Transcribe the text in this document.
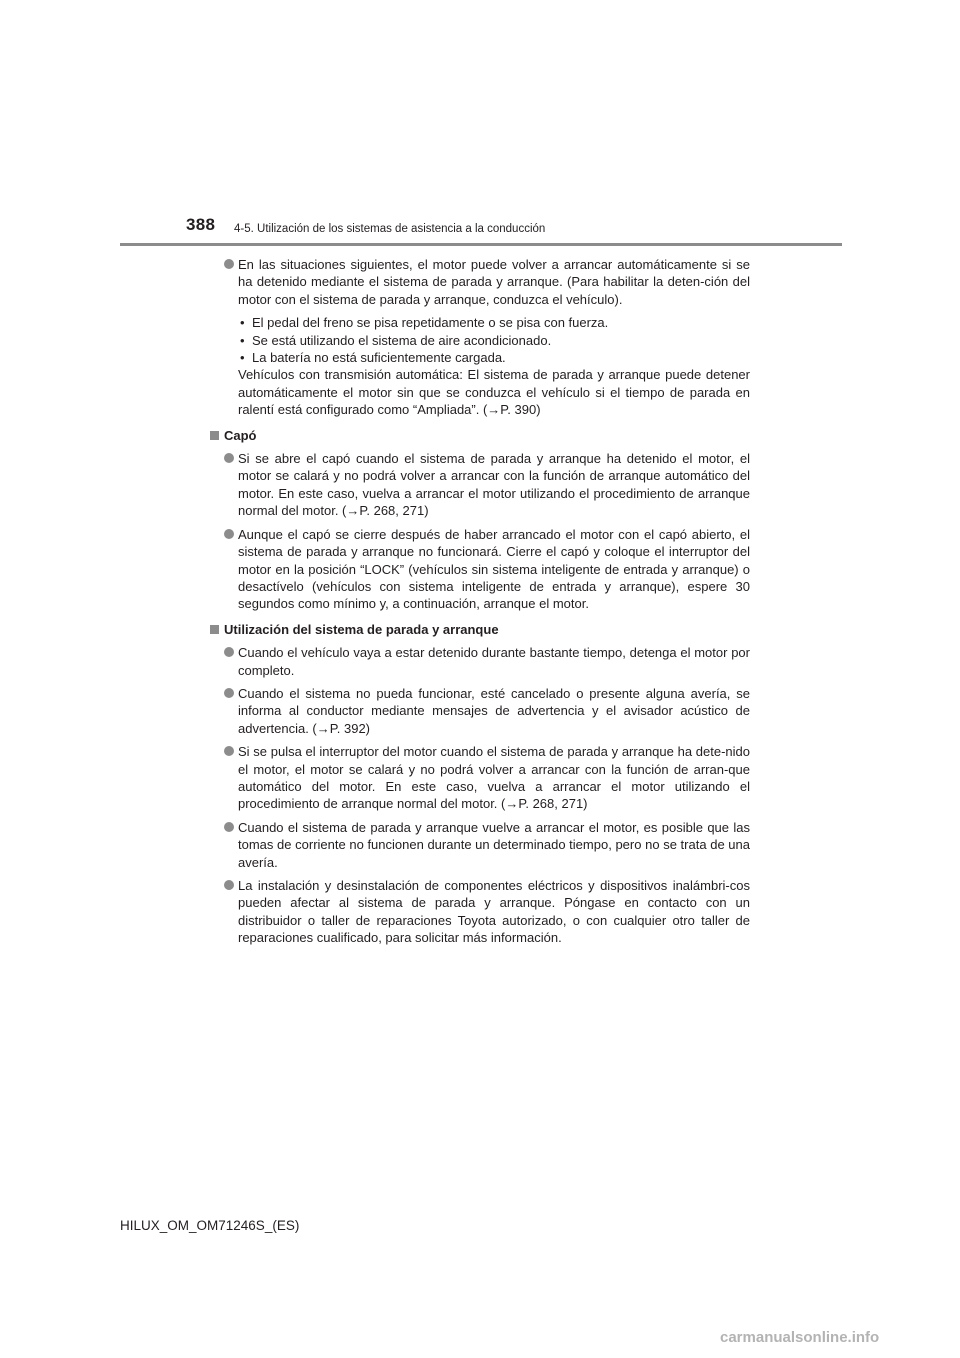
388 4-5. Utilización de los sistemas de asistencia a la conducción
En las situaciones siguientes, el motor puede volver a arrancar automáticamente si se ha detenido mediante el sistema de parada y arranque. (Para habilitar la deten-ción del motor con el sistema de parada y arranque, conduzca el vehículo).
• El pedal del freno se pisa repetidamente o se pisa con fuerza.
• Se está utilizando el sistema de aire acondicionado.
• La batería no está suficientemente cargada.
Vehículos con transmisión automática: El sistema de parada y arranque puede detener automáticamente el motor sin que se conduzca el vehículo si el tiempo de parada en ralentí está configurado como “Ampliada”. (→P. 390)
Capó
Si se abre el capó cuando el sistema de parada y arranque ha detenido el motor, el motor se calará y no podrá volver a arrancar con la función de arranque automático del motor. En este caso, vuelva a arrancar el motor utilizando el procedimiento de arranque normal del motor. (→P. 268, 271)
Aunque el capó se cierre después de haber arrancado el motor con el capó abierto, el sistema de parada y arranque no funcionará. Cierre el capó y coloque el interruptor del motor en la posición “LOCK” (vehículos sin sistema inteligente de entrada y arranque) o desactívelo (vehículos con sistema inteligente de entrada y arranque), espere 30 segundos como mínimo y, a continuación, arranque el motor.
Utilización del sistema de parada y arranque
Cuando el vehículo vaya a estar detenido durante bastante tiempo, detenga el motor por completo.
Cuando el sistema no pueda funcionar, esté cancelado o presente alguna avería, se informa al conductor mediante mensajes de advertencia y el avisador acústico de advertencia. (→P. 392)
Si se pulsa el interruptor del motor cuando el sistema de parada y arranque ha dete-nido el motor, el motor se calará y no podrá volver a arrancar con la función de arran-que automático del motor. En este caso, vuelva a arrancar el motor utilizando el procedimiento de arranque normal del motor. (→P. 268, 271)
Cuando el sistema de parada y arranque vuelve a arrancar el motor, es posible que las tomas de corriente no funcionen durante un determinado tiempo, pero no se trata de una avería.
La instalación y desinstalación de componentes eléctricos y dispositivos inalámbri-cos pueden afectar al sistema de parada y arranque. Póngase en contacto con un distribuidor o taller de reparaciones Toyota autorizado, o con cualquier otro taller de reparaciones cualificado, para solicitar más información.
HILUX_OM_OM71246S_(ES)
carmanualsonline.info
